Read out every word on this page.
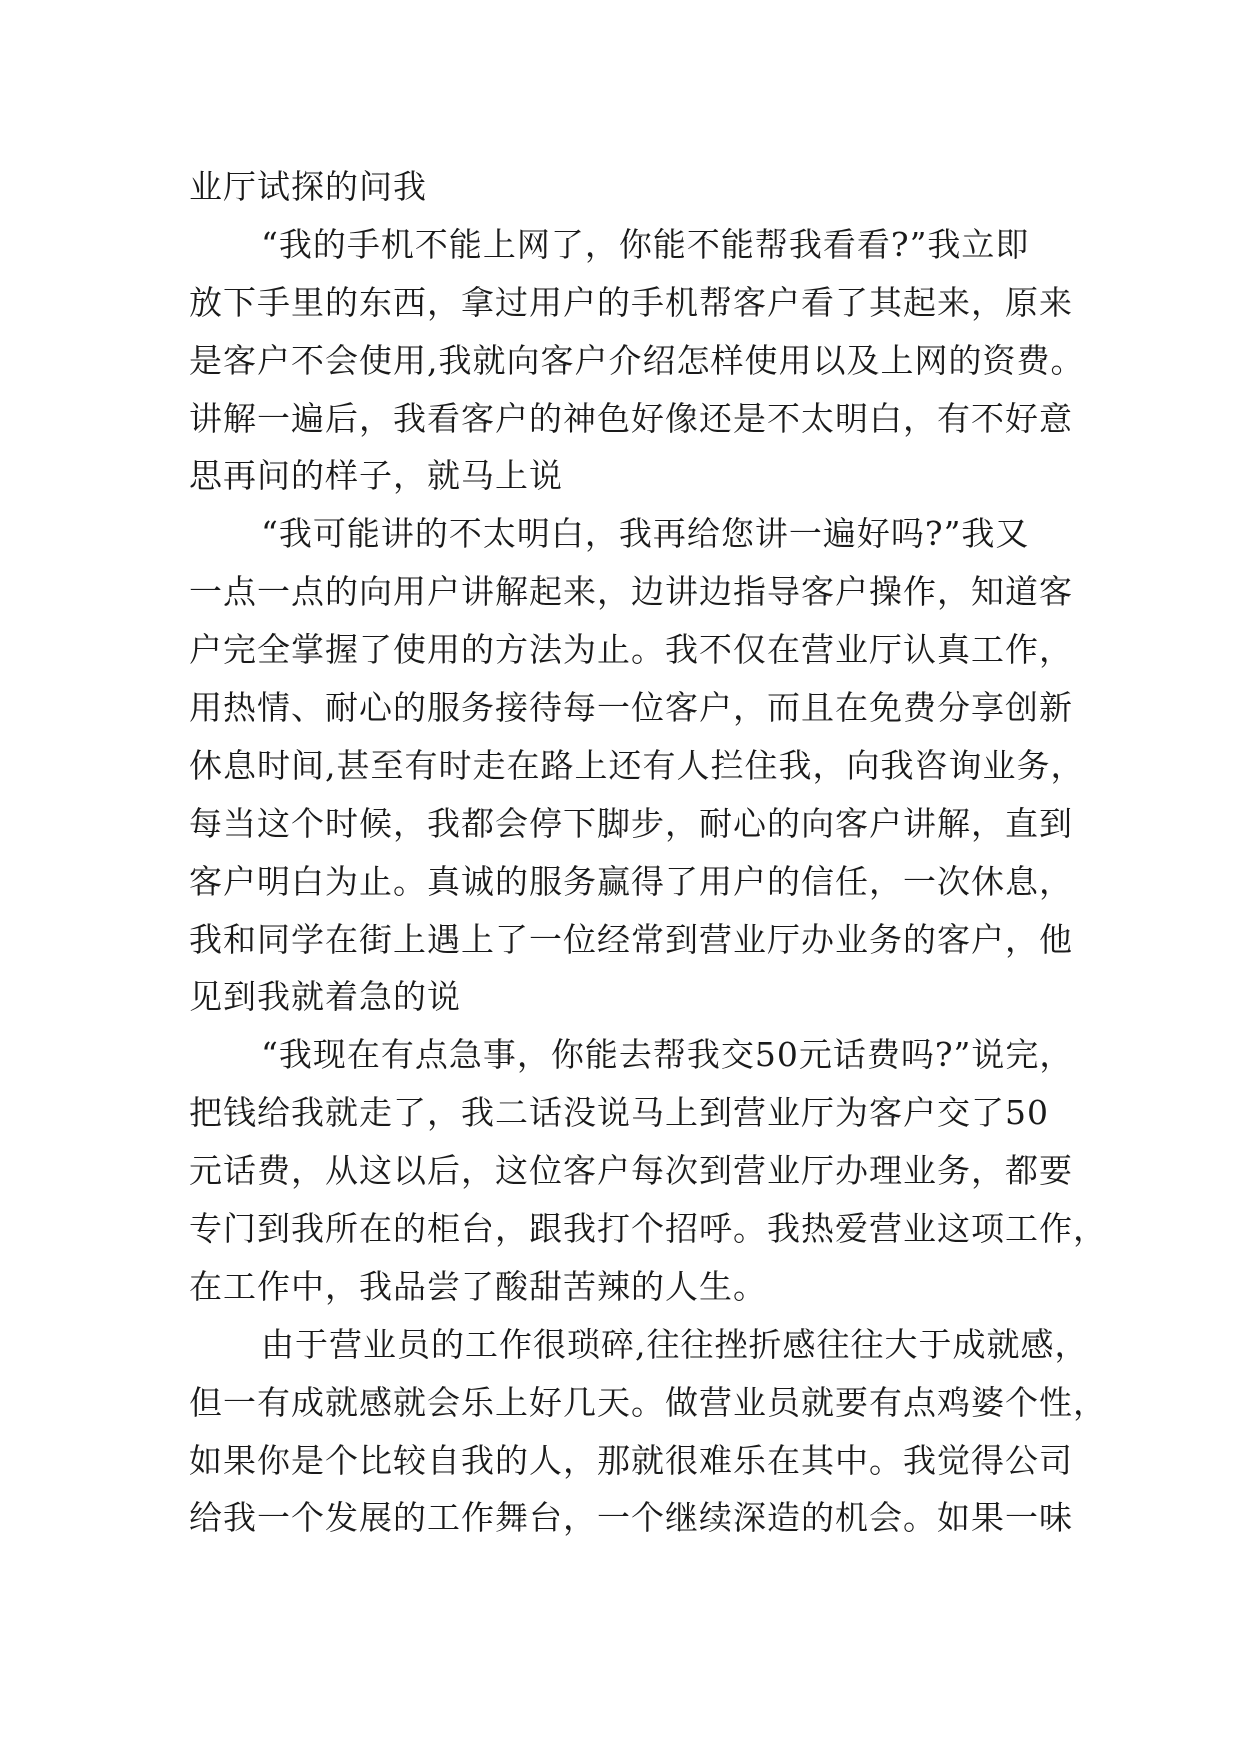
业厅试探的问我
“我的手机不能上网了，你能不能帮我看看?”我立即
放下手里的东西，拿过用户的手机帮客户看了其起来，原来
是客户不会使用,我就向客户介绍怎样使用以及上网的资费。
讲解一遍后，我看客户的神色好像还是不太明白，有不好意
思再问的样子，就马上说
“我可能讲的不太明白，我再给您讲一遍好吗?”我又
一点一点的向用户讲解起来，边讲边指导客户操作，知道客
户完全掌握了使用的方法为止。我不仅在营业厅认真工作，
用热情、耐心的服务接待每一位客户，而且在免费分享创新
休息时间,甚至有时走在路上还有人拦住我，向我咨询业务，
每当这个时候，我都会停下脚步，耐心的向客户讲解，直到
客户明白为止。真诚的服务赢得了用户的信任，一次休息，
我和同学在街上遇上了一位经常到营业厅办业务的客户，他
见到我就着急的说
“我现在有点急事，你能去帮我交50元话费吗?”说完，
把钱给我就走了，我二话没说马上到营业厅为客户交了50
元话费，从这以后，这位客户每次到营业厅办理业务，都要
专门到我所在的柜台，跟我打个招呼。我热爱营业这项工作，
在工作中，我品尝了酸甜苦辣的人生。
由于营业员的工作很琐碎,往往挫折感往往大于成就感，
但一有成就感就会乐上好几天。做营业员就要有点鸡婆个性，
如果你是个比较自我的人，那就很难乐在其中。我觉得公司
给我一个发展的工作舞台，一个继续深造的机会。如果一味
